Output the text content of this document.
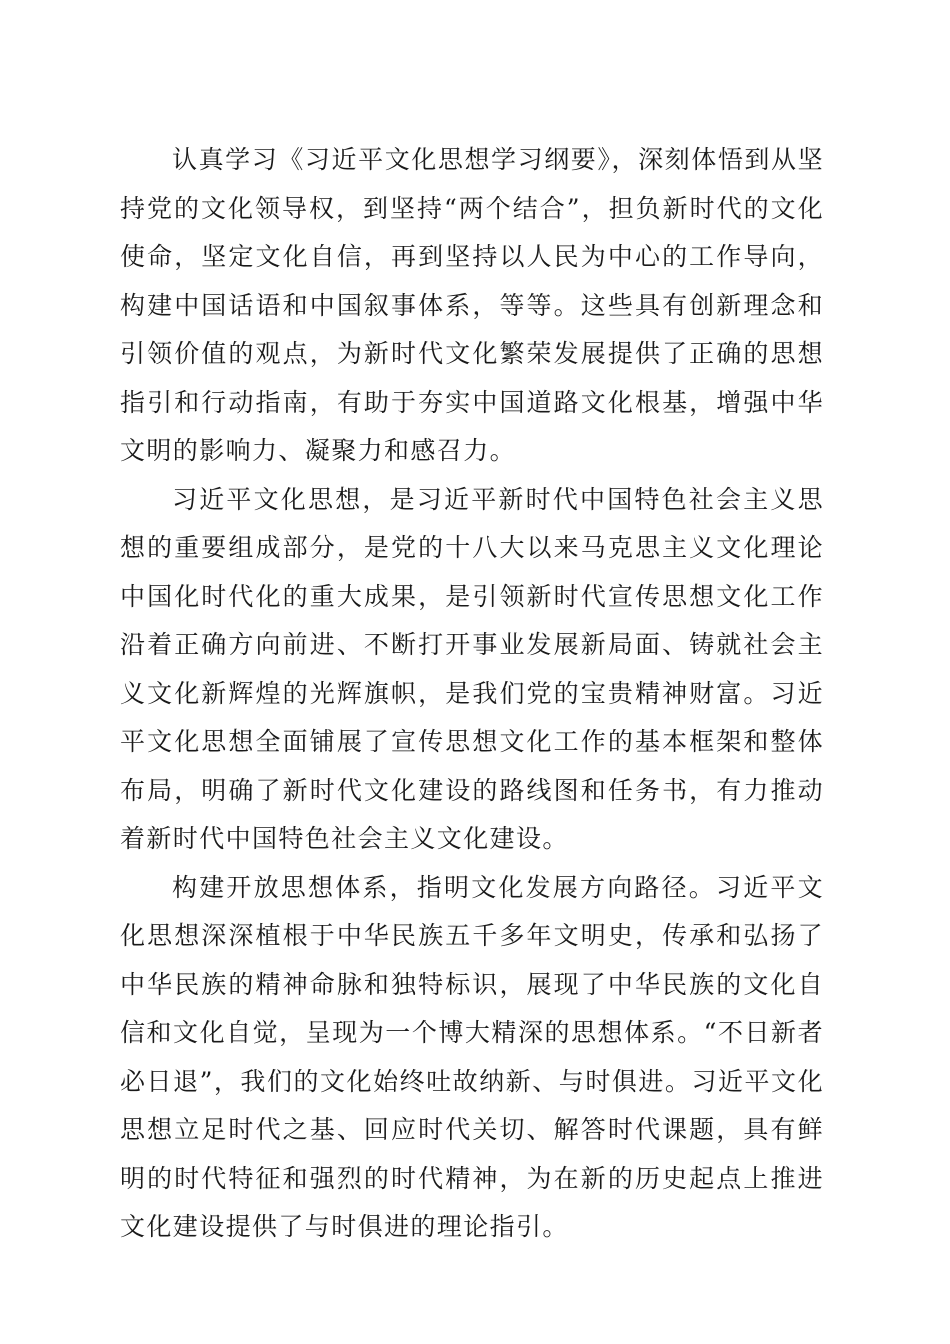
认真学习《习近平文化思想学习纲要》，深刻体悟到从坚持党的文化领导权，到坚持“两个结合”，担负新时代的文化使命，坚定文化自信，再到坚持以人民为中心的工作导向，构建中国话语和中国叙事体系，等等。这些具有创新理念和引领价值的观点，为新时代文化繁荣发展提供了正确的思想指引和行动指南，有助于夯实中国道路文化根基，增强中华文明的影响力、凝聚力和感召力。

习近平文化思想，是习近平新时代中国特色社会主义思想的重要组成部分，是党的十八大以来马克思主义文化理论中国化时代化的重大成果，是引领新时代宣传思想文化工作沿着正确方向前进、不断打开事业发展新局面、铸就社会主义文化新辉煌的光辉旗帜，是我们党的宝贵精神财富。习近平文化思想全面铺展了宣传思想文化工作的基本框架和整体布局，明确了新时代文化建设的路线图和任务书，有力推动着新时代中国特色社会主义文化建设。

构建开放思想体系，指明文化发展方向路径。习近平文化思想深深植根于中华民族五千多年文明史，传承和弘扬了中华民族的精神命脉和独特标识，展现了中华民族的文化自信和文化自觉，呈现为一个博大精深的思想体系。“不日新者必日退”，我们的文化始终吐故纳新、与时俱进。习近平文化思想立足时代之基、回应时代关切、解答时代课题，具有鲜明的时代特征和强烈的时代精神，为在新的历史起点上推进文化建设提供了与时俱进的理论指引。
